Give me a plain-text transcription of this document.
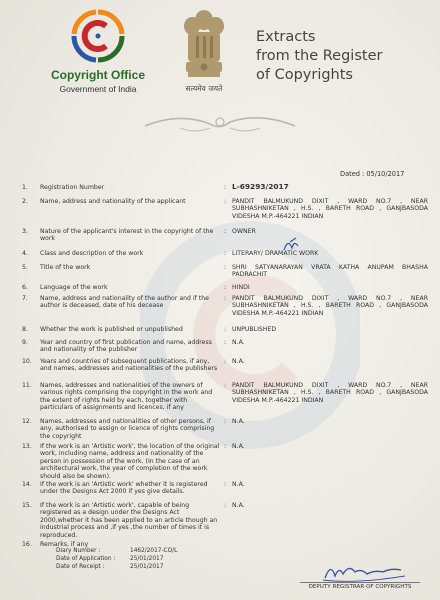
Copyright Office
Government of India	सत्यमेव जयते
Extracts
from the Register
of Copyrights
Dated : 05/10/2017
1.	Registration Number	: L-69293/2017
2.	Name, address and nationality of the applicant	: PANDIT BALMUKUND DIXIT , WARD NO.7 , NEAR SUBHASHNIKETAN , H.S. , BARETH ROAD , GANJBASODA VIDESHA M.P.-464221 INDIAN
3.	Nature of the applicant's interest in the copyright of the work
: OWNER
4.	Class and description of the work	: LITERARY/ DRAMATIC WORK
5.	Title of the work	: SHRI SATYANARAYAN VRATA KATHA ANUPAM BHASHA PADRACHIT
6.	Language of the work	: HINDI
7.	Name, address and nationality of the author and if the author is deceased, date of his decease
: PANDIT BALMUKUND DIXIT , WARD NO.7 , NEAR SUBHASHNIKETAN , H.S. , BARETH ROAD , GANJBASODA VIDESHA M.P.-464221 INDIAN
8.	Whether the work is published or unpublished	: UNPUBLISHED
9.	Year and country of first publication and name, address and nationality of the publisher
: N.A.
10.	Years and countries of subsequent publications, if any, and names, addresses and nationalities of the publishers
: N.A.
11.	Names, addresses and nationalities of the owners of various rights comprising the copyright in the work and the extent of rights held by each, together with particulars of assignments and licences, if any
: PANDIT BALMUKUND DIXIT , WARD NO.7 , NEAR SUBHASHNIKETAN , H.S. , BARETH ROAD , GANJBASODA VIDESHA M.P.-464221 INDIAN
12.	Names, addresses and nationalities of other persons, if any, authorised to assign or licence of rights comprising the copyright
: N.A.
13.	If the work is an 'Artistic work', the location of the original work, including name, address and nationality of the person in possession of the work. (In the case of an architectural work, the year of completion of the work should also be shown).
: N.A.
14.	If the work is an 'Artistic work' whether it is registered under the Designs Act 2000 if yes give details.
: N.A.
15.	If the work is an 'Artistic work', capable of being registered as a design under the Designs Act 2000,whether it has been applied to an article though an industrial process and ,if yes ,the number of times it is reproduced.
: N.A.
16.	Remarks, if any
Diary Number :	1462/2017-CO/L
Date of Application :	25/01/2017
Date of Receipt :	25/01/2017
DEPUTY REGISTRAR OF COPYRIGHTS
